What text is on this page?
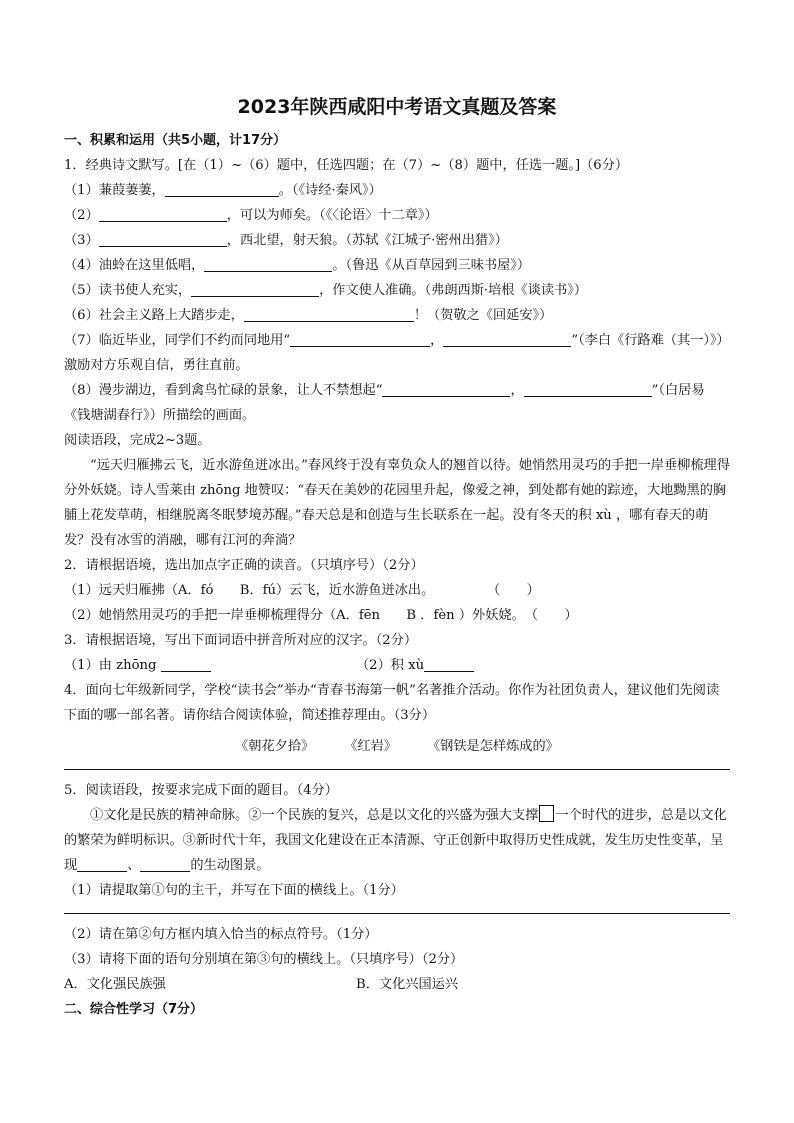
2023年陕西咸阳中考语文真题及答案
一、积累和运用（共5小题，计17分）
1．经典诗文默写。[在（1）~（6）题中，任选四题；在（7）~（8）题中，任选一题。]（6分）
（1）蒹葭萋萋，	。（《诗经·秦风》）
（2）	，可以为师矣。（《〈论语〉十二章》）
（3）	，西北望，射天狼。（苏轼《江城子·密州出猎》）
（4）油蛉在这里低唱，	。（鲁迅《从百草园到三味书屋》）
（5）读书使人充实，	，作文使人准确。（弗朗西斯·培根《谈读书》）
（6）社会主义路上大踏步走，	！（贺敬之《回延安》）
（7）临近毕业，同学们不约而同地用“	，	”（李白《行路难（其一）》）激励对方乐观自信，勇往直前。
（8）漫步湖边，看到禽鸟忙碌的景象，让人不禁想起“	，	”（白居易《钱塘湖春行》）所描绘的画面。
阅读语段，完成2~3题。
“远天归雁拂云飞，近水游鱼迸冰出。”春风终于没有辜负众人的翘首以待。她悄然用灵巧的手把一岸垂柳梳理得分外妖娆。诗人雪莱由 zhōng 地赞叹：“春天在美妙的花园里升起，像爱之神，到处都有她的踪迹，大地黝黑的胸脯上花发草萌，相继脱离冬眠梦境苏醒。”春天总是和创造与生长联系在一起。没有冬天的积 xù ，哪有春天的萌发？没有冰雪的消融，哪有江河的奔淌？
2．请根据语境，选出加点字正确的读音。（只填序号）（2分）
（1）远天归雁拂（A．fó　　B．fú）云飞，近水游鱼迸冰出。　　　　　	（　　）
（2）她悄然用灵巧的手把一岸垂柳梳理得分（A．fēn　　B ．fèn ）外妖娆。　 （　　）
3．请根据语境，写出下面词语中拼音所对应的汉字。（2分）
（1）由 zhōng	（2）积 xù
4．面向七年级新同学，学校“读书会”举办“青春书海第一帆”名著推介活动。你作为社团负责人，建议他们先阅读下面的哪一部名著。请你结合阅读体验，简述推荐理由。（3分）
《朝花夕拾》 《红岩》 《钢铁是怎样炼成的》
5．阅读语段，按要求完成下面的题目。（4分）
①文化是民族的精神命脉。②一个民族的复兴，总是以文化的兴盛为强大支撑 一个时代的进步，总是以文化的繁荣为鲜明标识。③新时代十年，我国文化建设在正本清源、守正创新中取得历史性成就，发生历史性变革，呈现	、	的生动图景。
（1）请提取第①句的主干，并写在下面的横线上。（1分）
（2）请在第②句方框内填入恰当的标点符号。（1分）
（3）请将下面的语句分别填在第③句的横线上。（只填序号）（2分）
A．文化强民族强	B．文化兴国运兴
二、综合性学习（7分）
